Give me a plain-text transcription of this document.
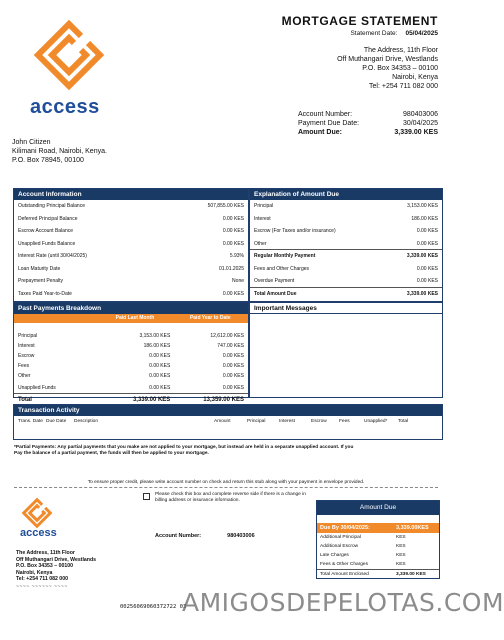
access
MORTGAGE STATEMENT
Statement Date: 05/04/2025
The Address, 11th Floor
Off Muthangari Drive, Westlands
P.O. Box 34353 – 00100
Nairobi, Kenya
Tel: +254 711 082 000
Account Number:	980403006
Payment Due Date:	30/04/2025
Amount Due:	3,339.00 KES
John Citizen
Kilimani Road, Nairobi, Kenya.
P.O. Box 78945, 00100
Account Information
Outstanding Principal Balance	507,855.00 KES
Deferred Principal Balance	0.00 KES
Escrow Account Balance	0.00 KES
Unapplied Funds Balance	0.00 KES
Interest Rate (until 30/04/2025)	5.93%
Loan Maturity Date	01.01.2025
Prepayment Penalty	None
Taxes Paid Year-to-Date	0.00 KES
Explanation of Amount Due
Principal	3,153.00 KES
Interest	186.00 KES
Escrow (For Taxes and/or insurance)	0.00 KES
Other	0.00 KES
Regular Monthly Payment	3,339.00 KES
Fees and Other Charges	0.00 KES
Overdue Payment	0.00 KES
Total Amount Due	3,339.00 KES
Past Payments Breakdown
Paid Last Month	Paid Year to Date
Principal	3,153.00 KES	12,612.00 KES
Interest	186.00 KES	747.00 KES
Escrow	0.00 KES	0.00 KES
Fees	0.00 KES	0.00 KES
Other	0.00 KES	0.00 KES
Unapplied Funds	0.00 KES	0.00 KES
Total	3,339.00 KES	13,359.00 KES
Important Messages
Transaction Activity
Trans. Date Due Date	Description	Amount	Principal	Interest	Escrow	Fees	Unapplied*	Total
*Partial Payments: Any partial payments that you make are not applied to your mortgage, but instead are held in a separate unapplied account. If you
Pay the balance of a partial payment, the funds will then be applied to your mortgage.
To ensure proper credit, please write account number on check and return this stub along with your payment in envelope provided.
Please check this box and complete reverse side if there is a change in billing address or insurance information.
access
The Address, 11th Floor
Off Muthangari Drive, Westlands
P.O. Box 34353 – 00100
Nairobi, Kenya
Tel: +254 711 082 000
Account Number:	980403006
Amount Due
Due By 30/04/2025:	3,339.00KES
Additional Principal	KES
Additional Escrow	KES
Late Charges	KES
Fees & Other Charges	KES
Total Amount Enclosed	3,339.00 KES
~~~~ ~~~~~~ ~~~~
00256069060372722 03
AMIGOSDEPELOTAS.COM
